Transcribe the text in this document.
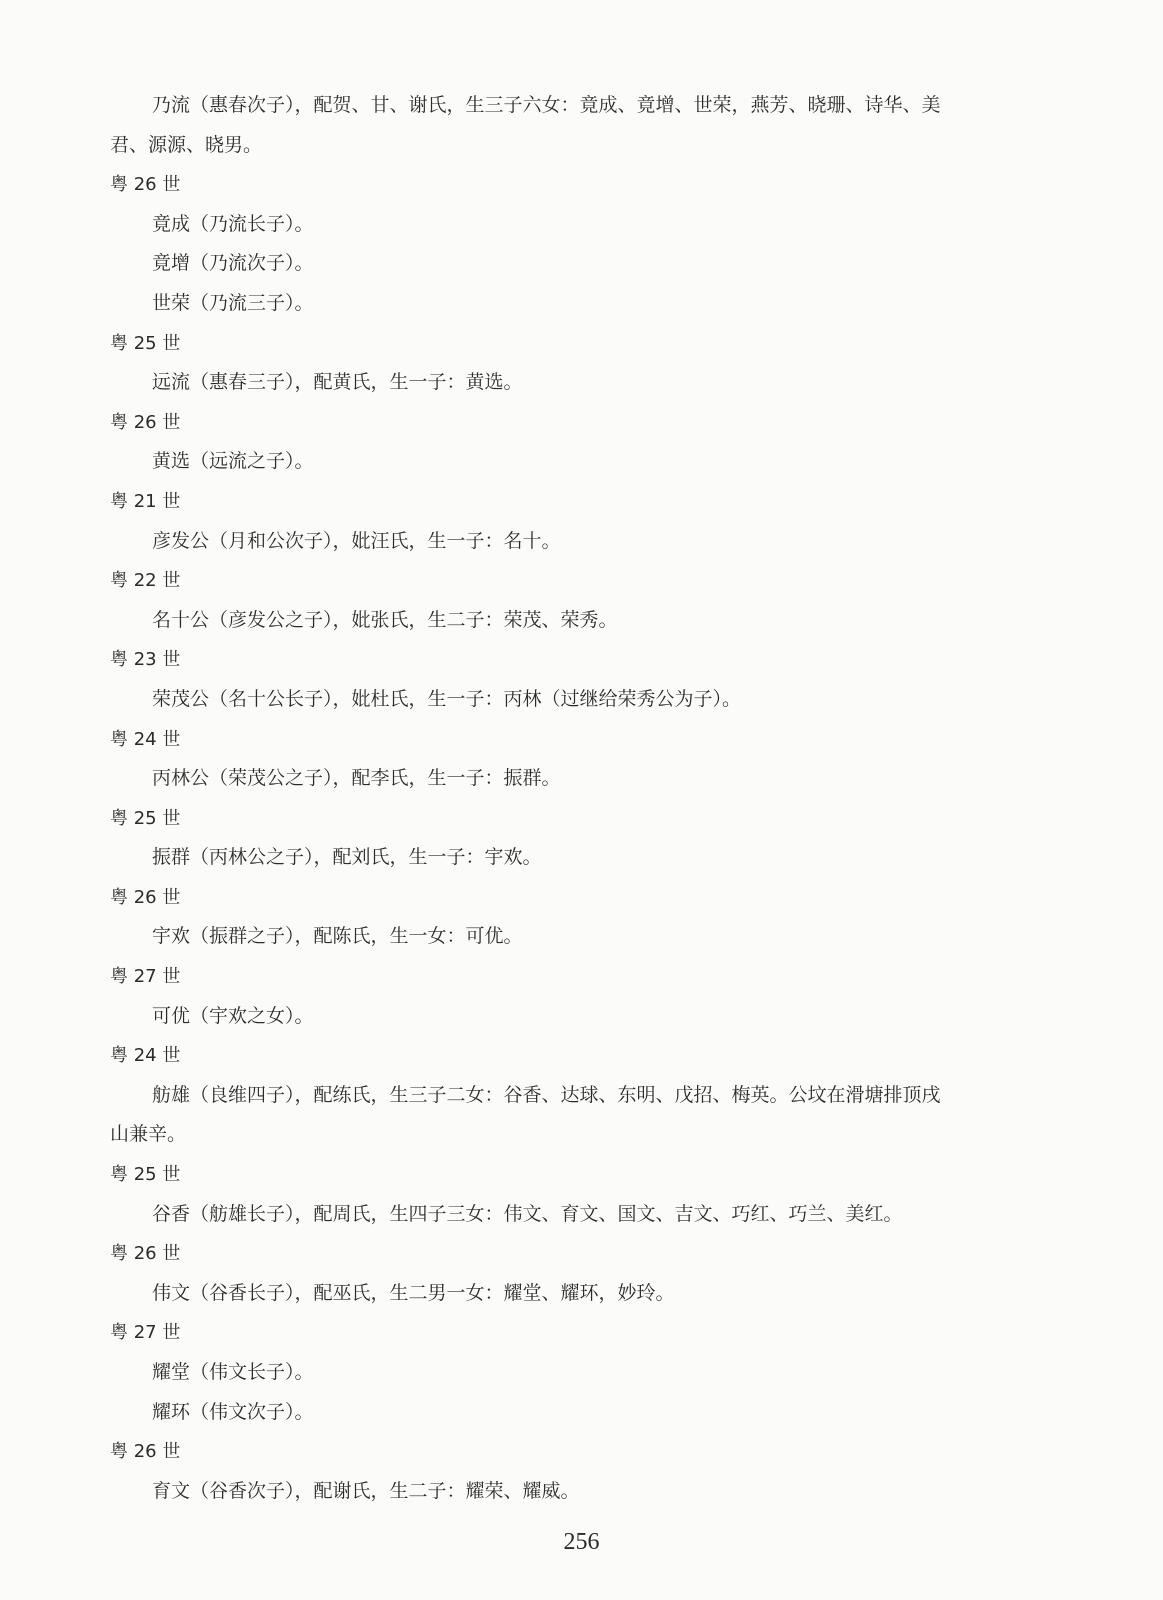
乃流（惠春次子），配贺、甘、谢氏，生三子六女：竟成、竟增、世荣，燕芳、晓珊、诗华、美
君、源源、晓男。
粤 26 世
竟成（乃流长子）。
竟增（乃流次子）。
世荣（乃流三子）。
粤 25 世
远流（惠春三子），配黄氏，生一子：黄选。
粤 26 世
黄选（远流之子）。
粤 21 世
彦发公（月和公次子），妣汪氏，生一子：名十。
粤 22 世
名十公（彦发公之子），妣张氏，生二子：荣茂、荣秀。
粤 23 世
荣茂公（名十公长子），妣杜氏，生一子：丙林（过继给荣秀公为子）。
粤 24 世
丙林公（荣茂公之子），配李氏，生一子：振群。
粤 25 世
振群（丙林公之子），配刘氏，生一子：宇欢。
粤 26 世
宇欢（振群之子），配陈氏，生一女：可优。
粤 27 世
可优（宇欢之女）。
粤 24 世
舫雄（良维四子），配练氏，生三子二女：谷香、达球、东明、戊招、梅英。公坟在滑塘排顶戌
山兼辛。
粤 25 世
谷香（舫雄长子），配周氏，生四子三女：伟文、育文、国文、吉文、巧红、巧兰、美红。
粤 26 世
伟文（谷香长子），配巫氏，生二男一女：耀堂、耀环，妙玲。
粤 27 世
耀堂（伟文长子）。
耀环（伟文次子）。
粤 26 世
育文（谷香次子），配谢氏，生二子：耀荣、耀威。
256
